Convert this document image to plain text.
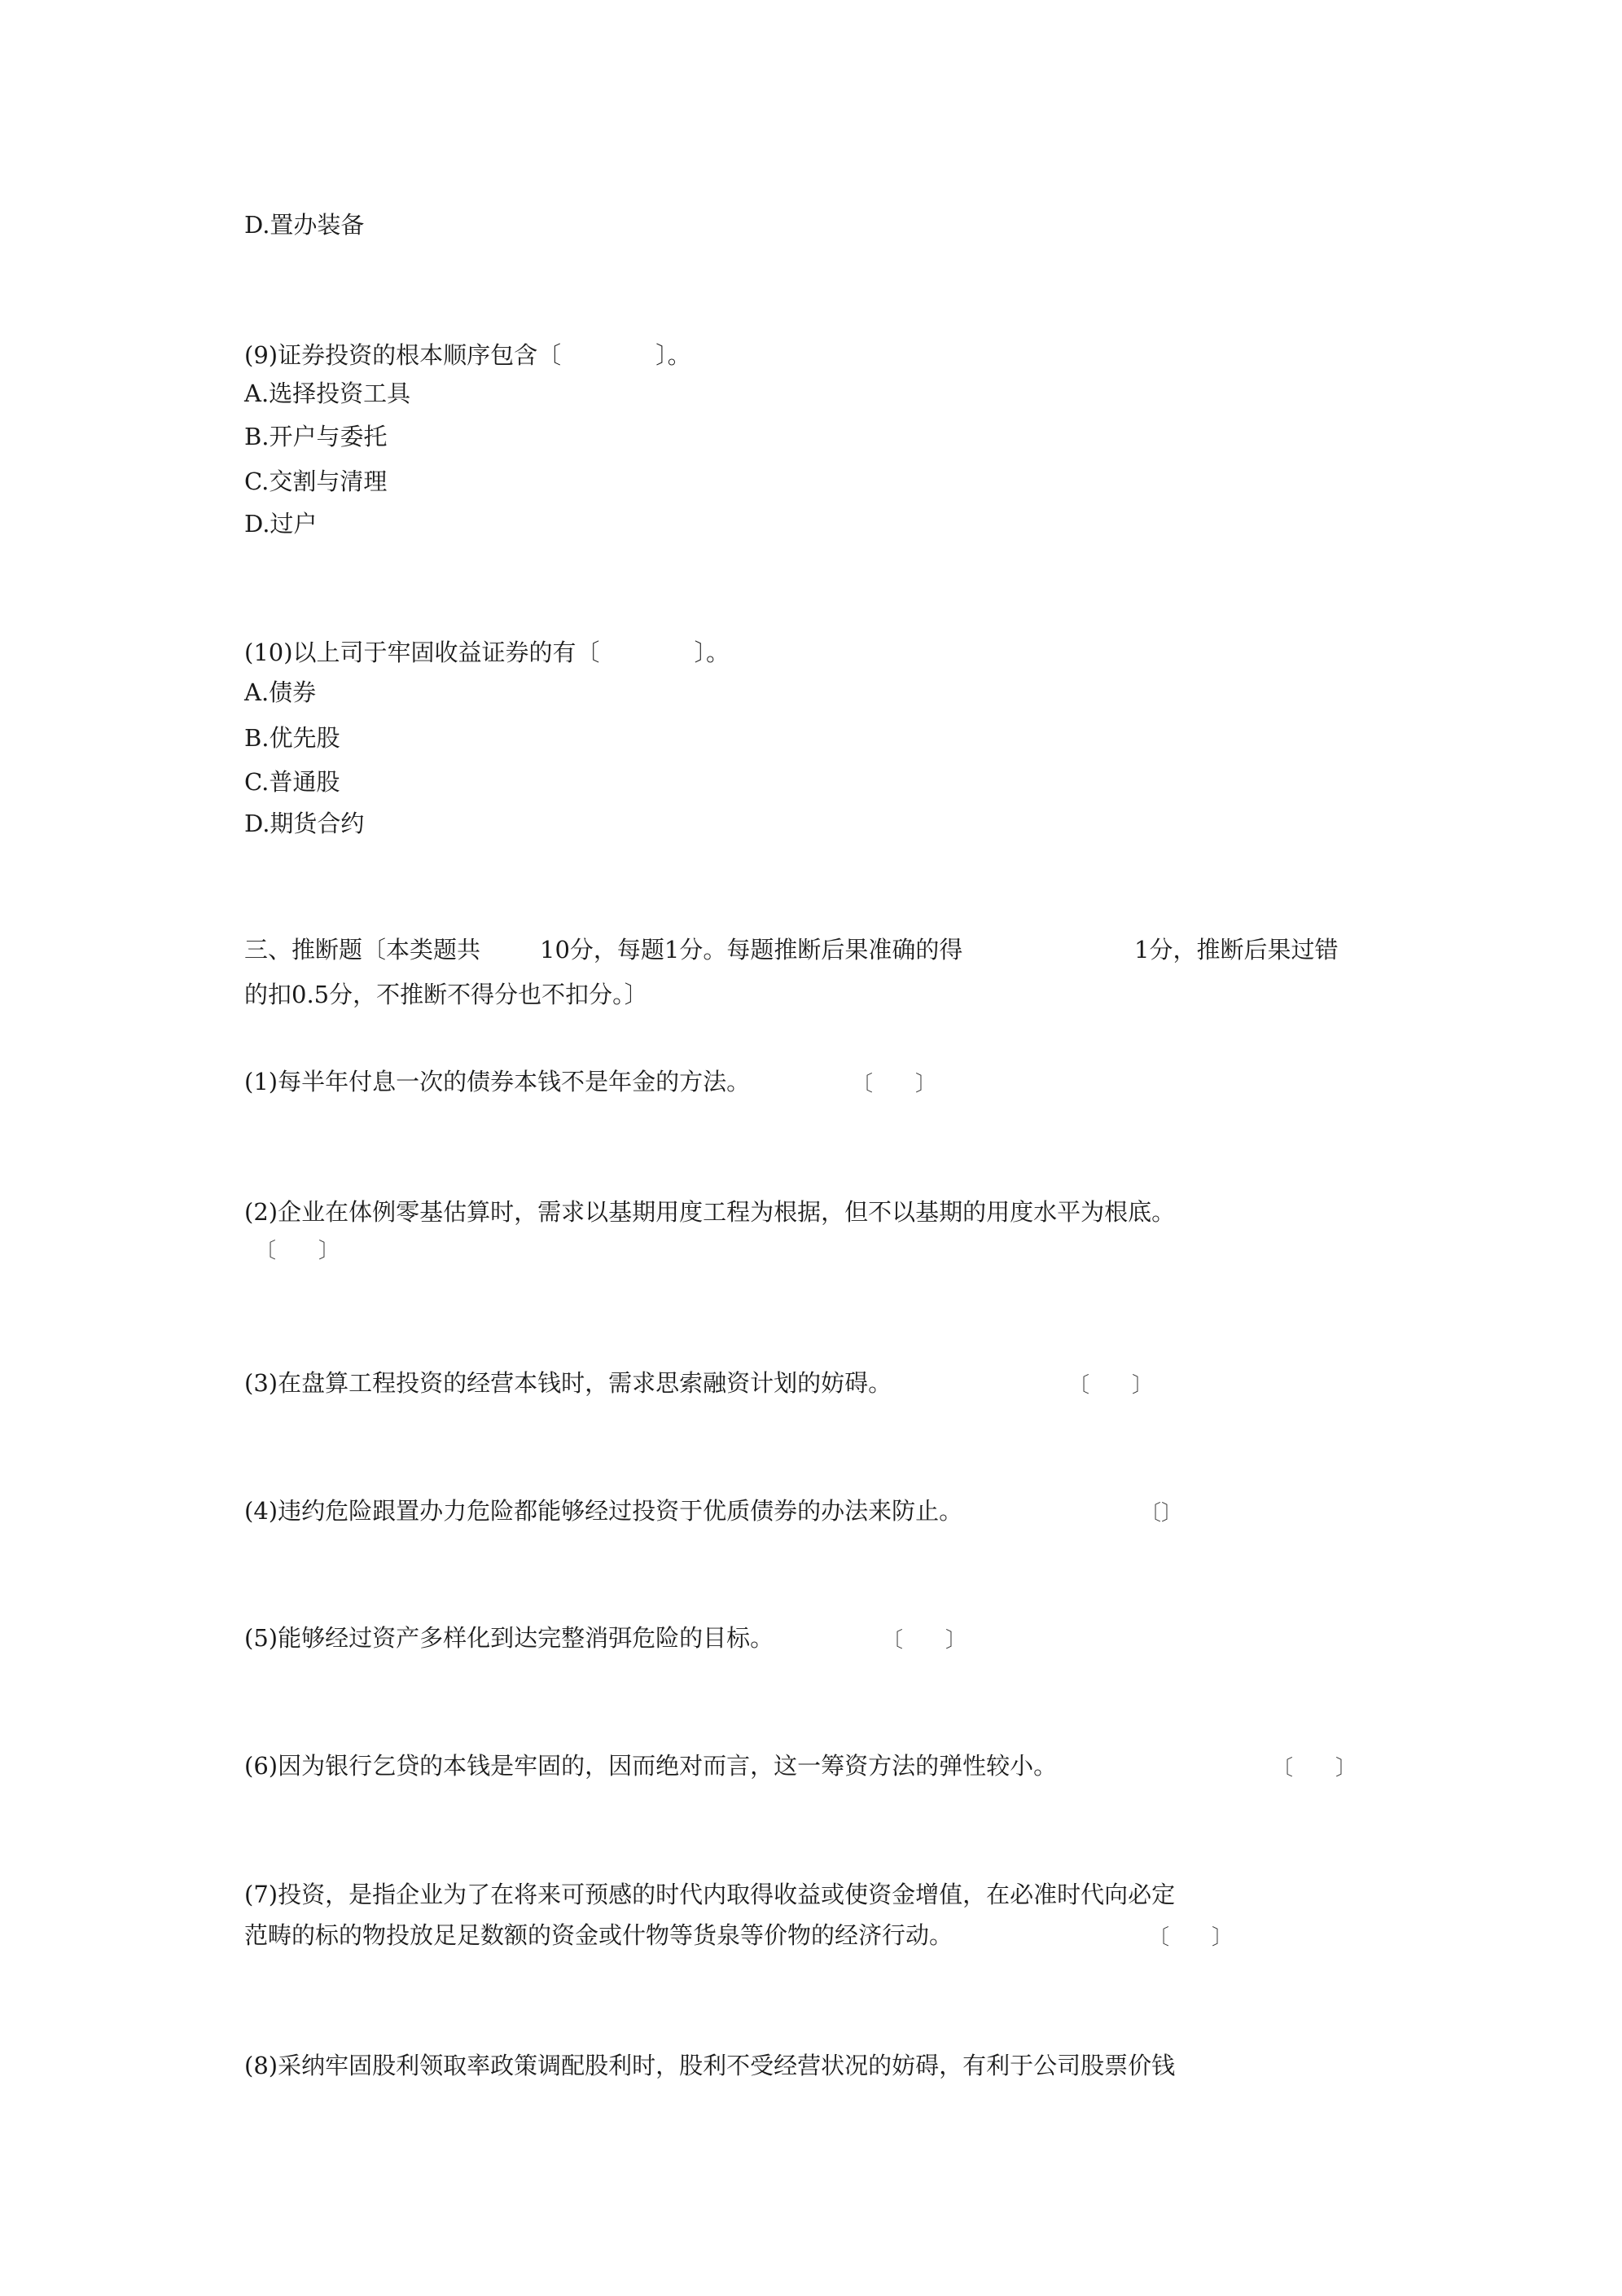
D.置办装备
(9)证券投资的根本顺序包含〔　　　　〕。
A.选择投资工具
B.开户与委托
C.交割与清理
D.过户
(10)以上司于牢固收益证券的有〔　　　　〕。
A.债券
B.优先股
C.普通股
D.期货合约
三、推断题〔本类题共	10分，每题1分。每题推断后果准确的得	1分，推断后果过错
的扣0.5分，不推断不得分也不扣分。〕
(1)每半年付息一次的债券本钱不是年金的方法。	〔　　〕
(2)企业在体例零基估算时，需求以基期用度工程为根据，但不以基期的用度水平为根底。
〔　　〕
(3)在盘算工程投资的经营本钱时，需求思索融资计划的妨碍。	〔　　〕
(4)违约危险跟置办力危险都能够经过投资于优质债券的办法来防止。	〔〕
(5)能够经过资产多样化到达完整消弭危险的目标。	〔　　〕
(6)因为银行乞贷的本钱是牢固的，因而绝对而言，这一筹资方法的弹性较小。	〔　　〕
(7)投资，是指企业为了在将来可预感的时代内取得收益或使资金增值，在必准时代向必定
范畴的标的物投放足足数额的资金或什物等货泉等价物的经济行动。	〔　　〕
(8)采纳牢固股利领取率政策调配股利时，股利不受经营状况的妨碍，有利于公司股票价钱
